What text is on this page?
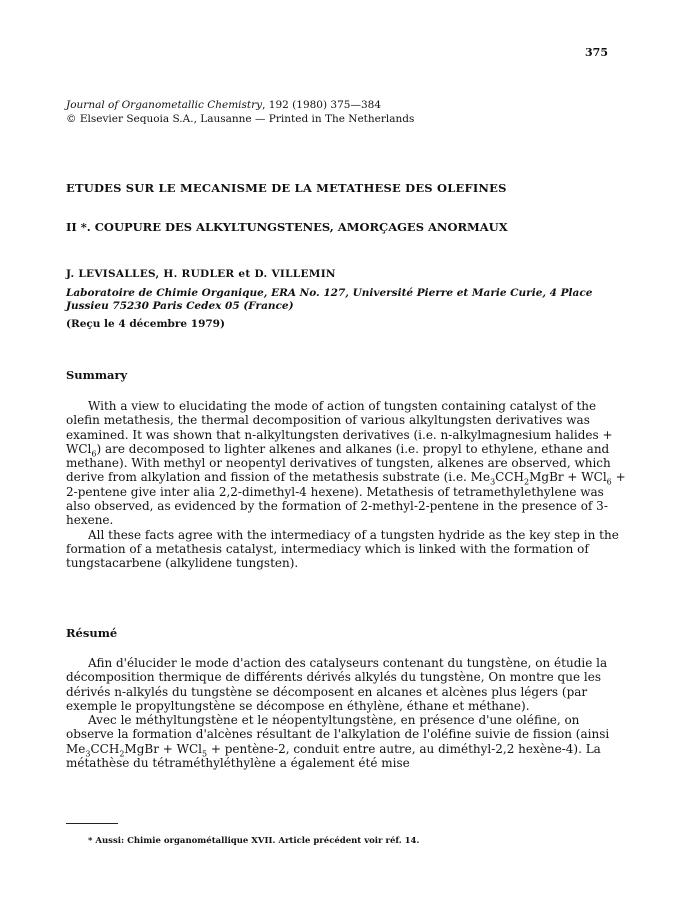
375
Journal of Organometallic Chemistry, 192 (1980) 375—384
© Elsevier Sequoia S.A., Lausanne — Printed in The Netherlands
ETUDES SUR LE MECANISME DE LA METATHESE DES OLEFINES
II *. COUPURE DES ALKYLTUNGSTENES, AMORÇAGES ANORMAUX
J. LEVISALLES, H. RUDLER et D. VILLEMIN
Laboratoire de Chimie Organique, ERA No. 127, Université Pierre et Marie Curie, 4 Place
Jussieu 75230 Paris Cedex 05 (France)
(Reçu le 4 décembre 1979)
Summary

With a view to elucidating the mode of action of tungsten containing catalyst of the olefin metathesis, the thermal decomposition of various alkyltungsten derivatives was examined. It was shown that n-alkyltungsten derivatives (i.e. n-alkylmagnesium halides + WCl$_6$) are decomposed to lighter alkenes and alkanes (i.e. propyl to ethylene, ethane and methane). With methyl or neopentyl derivatives of tungsten, alkenes are observed, which derive from alkylation and fission of the metathesis substrate (i.e. $Me_3CCH_2MgBr + WCl_6$ + 2-pentene give inter alia 2,2-dimethyl-4 hexene). Metathesis of tetramethylethylene was also observed, as evidenced by the formation of 2-methyl-2-pentene in the presence of 3-hexene.

All these facts agree with the intermediacy of a tungsten hydride as the key step in the formation of a metathesis catalyst, intermediacy which is linked with the formation of tungstacarbene (alkylidene tungsten).

Résumé

Afin d'élucider le mode d'action des catalyseurs contenant du tungstène, on étudie la décomposition thermique de différents dérivés alkylés du tungstène, On montre que les dérivés n-alkylés du tungstène se décomposent en alcanes et alcènes plus légers (par exemple le propyltungstène se décompose en éthylène, éthane et méthane).

Avec le méthyltungstène et le néopentyltungstène, en présence d'une oléfine, on observe la formation d'alcènes résultant de l'alkylation de l'oléfine suivie de fission (ainsi $Me_3CCH_2MgBr + WCl_5$ + pentène-2, conduit entre autre, au diméthyl-2,2 hexène-4). La métathèse du tétraméthyléthylène a également été mise

* Aussi: Chimie organométallique XVII. Article précédent voir réf. 14.
